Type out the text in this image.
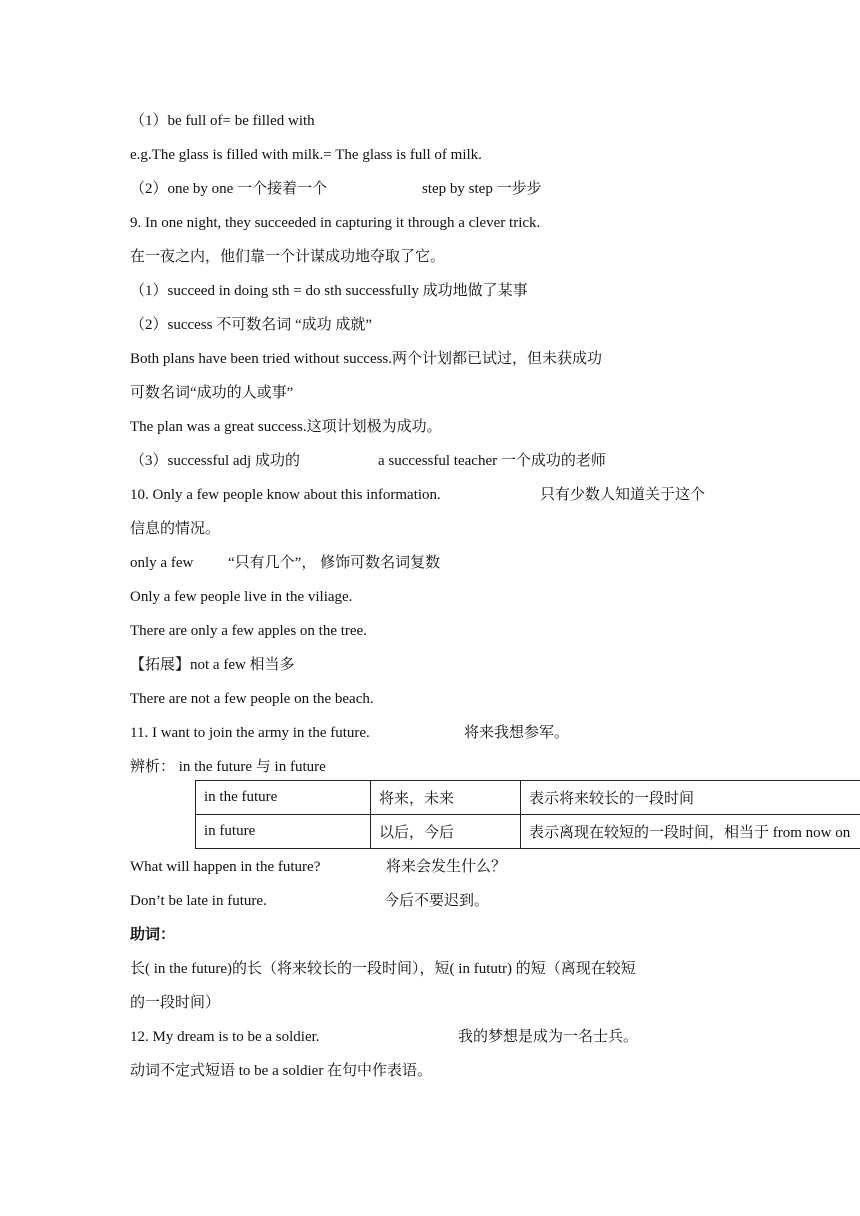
（1）be full of= be filled with
e.g.The glass is filled with milk.= The glass is full of milk.
（2）one by one 一个接着一个	step by step 一步步
9. In one night, they succeeded in capturing it through a clever trick.
在一夜之内，他们靠一个计谋成功地夺取了它。
（1）succeed in doing sth = do sth successfully 成功地做了某事
（2）success 不可数名词 “成功 成就”
Both plans have been tried without success.两个计划都已试过，但未获成功
可数名词“成功的人或事”
The plan was a great success.这项计划极为成功。
（3）successful adj 成功的	a successful teacher 一个成功的老师
10. Only a few people know about this information.	只有少数人知道关于这个
信息的情况。
only a few “只有几个”， 修饰可数名词复数
Only a few people live in the viliage.
There are only a few apples on the tree.
【拓展】not a few 相当多
There are not a few people on the beach.
11. I want to join the army in the future.	将来我想参军。
辨析： in the future 与 in future
in the future	将来，未来	表示将来较长的一段时间
in future	以后，今后	表示离现在较短的一段时间，相当于 from now on
What will happen in the future?	将来会发生什么？
Don’t be late in future.	今后不要迟到。
助词：
长( in the future)的长（将来较长的一段时间），短( in fututr) 的短（离现在较短
的一段时间）
12. My dream is to be a soldier.	我的梦想是成为一名士兵。
动词不定式短语 to be a soldier 在句中作表语。
